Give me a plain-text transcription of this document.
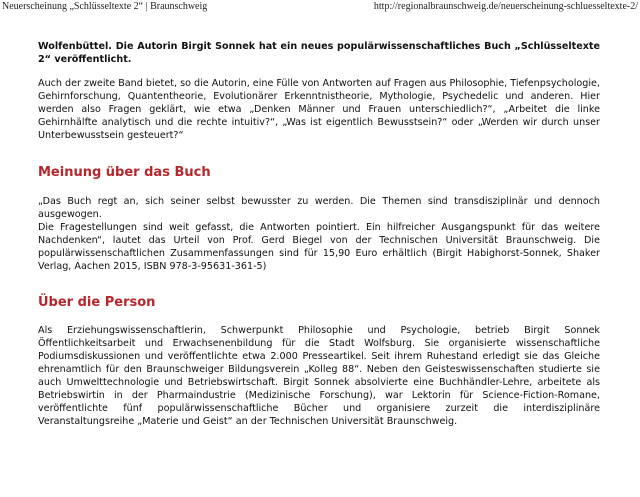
Neuerscheinung „Schlüsseltexte 2“ | Braunschweig	http://regionalbraunschweig.de/neuerscheinung-schluesseltexte-2/

Wolfenbüttel. Die Autorin Birgit Sonnek hat ein neues populärwissenschaftliches Buch „Schlüsseltexte 2“ veröffentlicht.

Auch der zweite Band bietet, so die Autorin, eine Fülle von Antworten auf Fragen aus Philosophie, Tiefenpsychologie, Gehirnforschung, Quantentheorie, Evolutionärer Erkenntnistheorie, Mythologie, Psychedelic und anderen. Hier werden also Fragen geklärt, wie etwa „Denken Männer und Frauen unterschiedlich?“, „Arbeitet die linke Gehirnhälfte analytisch und die rechte intuitiv?“, „Was ist eigentlich Bewusstsein?“ oder „Werden wir durch unser Unterbewusstsein gesteuert?“

Meinung über das Buch

„Das Buch regt an, sich seiner selbst bewusster zu werden. Die Themen sind transdisziplinär und dennoch ausgewogen.

Die Fragestellungen sind weit gefasst, die Antworten pointiert. Ein hilfreicher Ausgangspunkt für das weitere Nachdenken“, lautet das Urteil von Prof. Gerd Biegel von der Technischen Universität Braunschweig. Die populärwissenschaftlichen Zusammenfassungen sind für 15,90 Euro erhältlich (Birgit Habighorst-Sonnek, Shaker Verlag, Aachen 2015, ISBN 978-3-95631-361-5)

Über die Person

Als Erziehungswissenschaftlerin, Schwerpunkt Philosophie und Psychologie, betrieb Birgit Sonnek Öffentlichkeitsarbeit und Erwachsenenbildung für die Stadt Wolfsburg. Sie organisierte wissenschaftliche Podiumsdiskussionen und veröffentlichte etwa 2.000 Presseartikel. Seit ihrem Ruhestand erledigt sie das Gleiche ehrenamtlich für den Braunschweiger Bildungsverein „Kolleg 88“. Neben den Geisteswissenschaften studierte sie auch Umwelttechnologie und Betriebswirtschaft. Birgit Sonnek absolvierte eine Buchhändler-Lehre, arbeitete als Betriebswirtin in der Pharmaindustrie (Medizinische Forschung), war Lektorin für Science-Fiction-Romane, veröffentlichte fünf populärwissenschaftliche Bücher und organisiere zurzeit die interdisziplinäre Veranstaltungsreihe „Materie und Geist“ an der Technischen Universität Braunschweig.
